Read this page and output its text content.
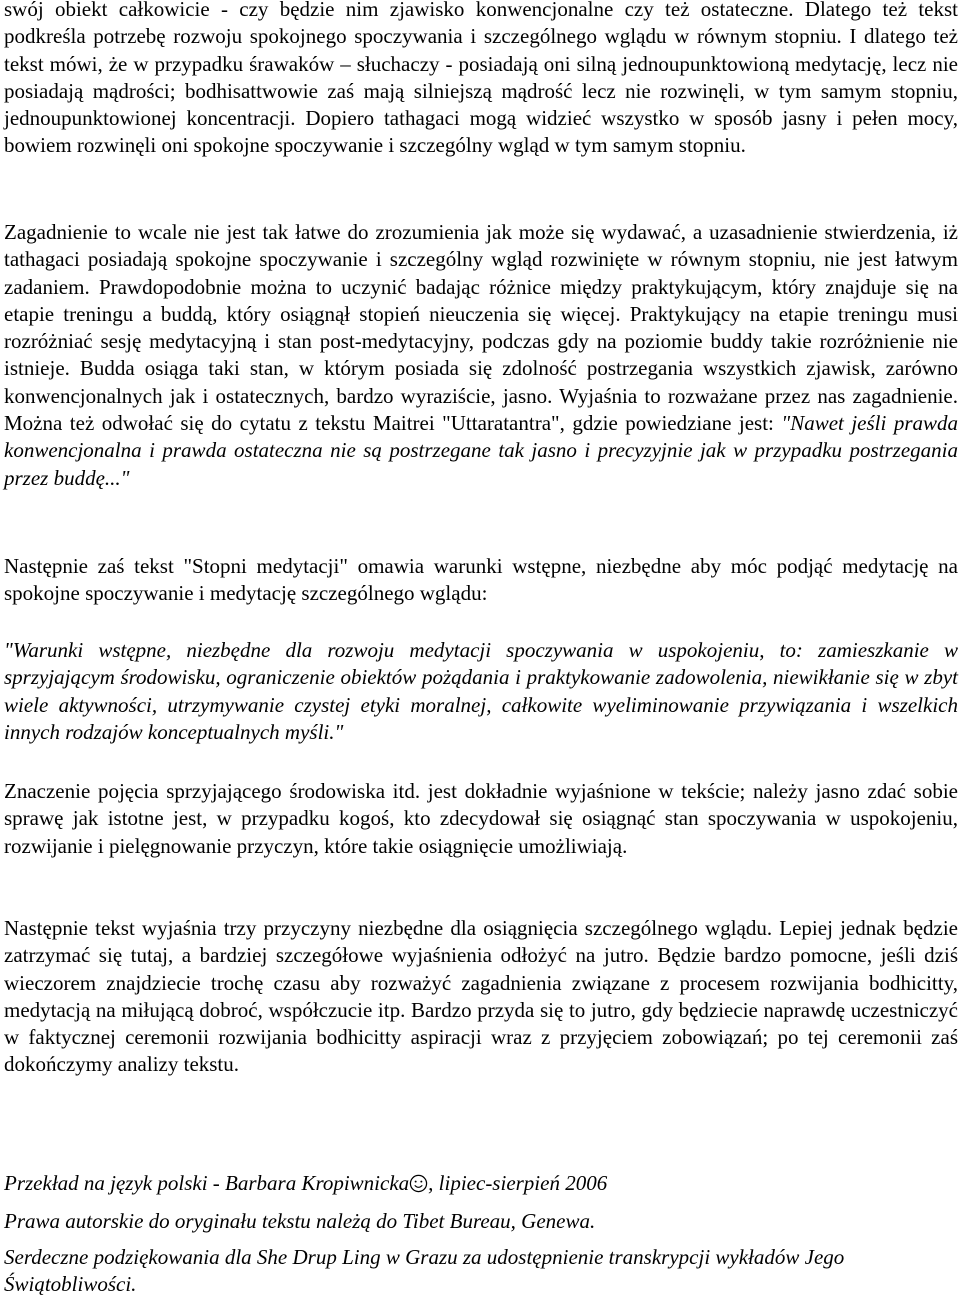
swój obiekt całkowicie - czy będzie nim zjawisko konwencjonalne czy też ostateczne. Dlatego też tekst podkreśla potrzebę rozwoju spokojnego spoczywania i szczególnego wglądu w równym stopniu. I dlatego też tekst mówi, że w przypadku śrawaków – słuchaczy - posiadają oni silną jednoupunktowioną medytację, lecz nie posiadają mądrości; bodhisattwowie zaś mają silniejszą mądrość lecz nie rozwinęli, w tym samym stopniu, jednoupunktowionej koncentracji. Dopiero tathagaci mogą widzieć wszystko w sposób jasny i pełen mocy, bowiem rozwinęli oni spokojne spoczywanie i szczególny wgląd w tym samym stopniu.

Zagadnienie to wcale nie jest tak łatwe do zrozumienia jak może się wydawać, a uzasadnienie stwierdzenia, iż tathagaci posiadają spokojne spoczywanie i szczególny wgląd rozwinięte w równym stopniu, nie jest łatwym zadaniem. Prawdopodobnie można to uczynić badając różnice między praktykującym, który znajduje się na etapie treningu a buddą, który osiągnął stopień nieuczenia się więcej. Praktykujący na etapie treningu musi rozróżniać sesję medytacyjną i stan post-medytacyjny, podczas gdy na poziomie buddy takie rozróżnienie nie istnieje. Budda osiąga taki stan, w którym posiada się zdolność postrzegania wszystkich zjawisk, zarówno konwencjonalnych jak i ostatecznych, bardzo wyraziście, jasno. Wyjaśnia to rozważane przez nas zagadnienie. Można też odwołać się do cytatu z tekstu Maitrei "Uttaratantra", gdzie powiedziane jest: "Nawet jeśli prawda konwencjonalna i prawda ostateczna nie są postrzegane tak jasno i precyzyjnie jak w przypadku postrzegania przez buddę..."

Następnie zaś tekst "Stopni medytacji" omawia warunki wstępne, niezbędne aby móc podjąć medytację na spokojne spoczywanie i medytację szczególnego wglądu:

"Warunki wstępne, niezbędne dla rozwoju medytacji spoczywania w uspokojeniu, to: zamieszkanie w sprzyjającym środowisku, ograniczenie obiektów pożądania i praktykowanie zadowolenia, niewikłanie się w zbyt wiele aktywności, utrzymywanie czystej etyki moralnej, całkowite wyeliminowanie przywiązania i wszelkich innych rodzajów konceptualnych myśli."

Znaczenie pojęcia sprzyjającego środowiska itd. jest dokładnie wyjaśnione w tekście; należy jasno zdać sobie sprawę jak istotne jest, w przypadku kogoś, kto zdecydował się osiągnąć stan spoczywania w uspokojeniu, rozwijanie i pielęgnowanie przyczyn, które takie osiągnięcie umożliwiają.

Następnie tekst wyjaśnia trzy przyczyny niezbędne dla osiągnięcia szczególnego wglądu. Lepiej jednak będzie zatrzymać się tutaj, a bardziej szczegółowe wyjaśnienia odłożyć na jutro. Będzie bardzo pomocne, jeśli dziś wieczorem znajdziecie trochę czasu aby rozważyć zagadnienia związane z procesem rozwijania bodhicitty, medytacją na miłującą dobroć, współczucie itp. Bardzo przyda się to jutro, gdy będziecie naprawdę uczestniczyć w faktycznej ceremonii rozwijania bodhicitty aspiracji wraz z przyjęciem zobowiązań; po tej ceremonii zaś dokończymy analizy tekstu.

Przekład na język polski - Barbara Kropiwnicka , lipiec-sierpień 2006

Prawa autorskie do oryginału tekstu należą do Tibet Bureau, Genewa.

Serdeczne podziękowania dla She Drup Ling w Grazu za udostępnienie transkrypcji wykładów Jego Świątobliwości.
